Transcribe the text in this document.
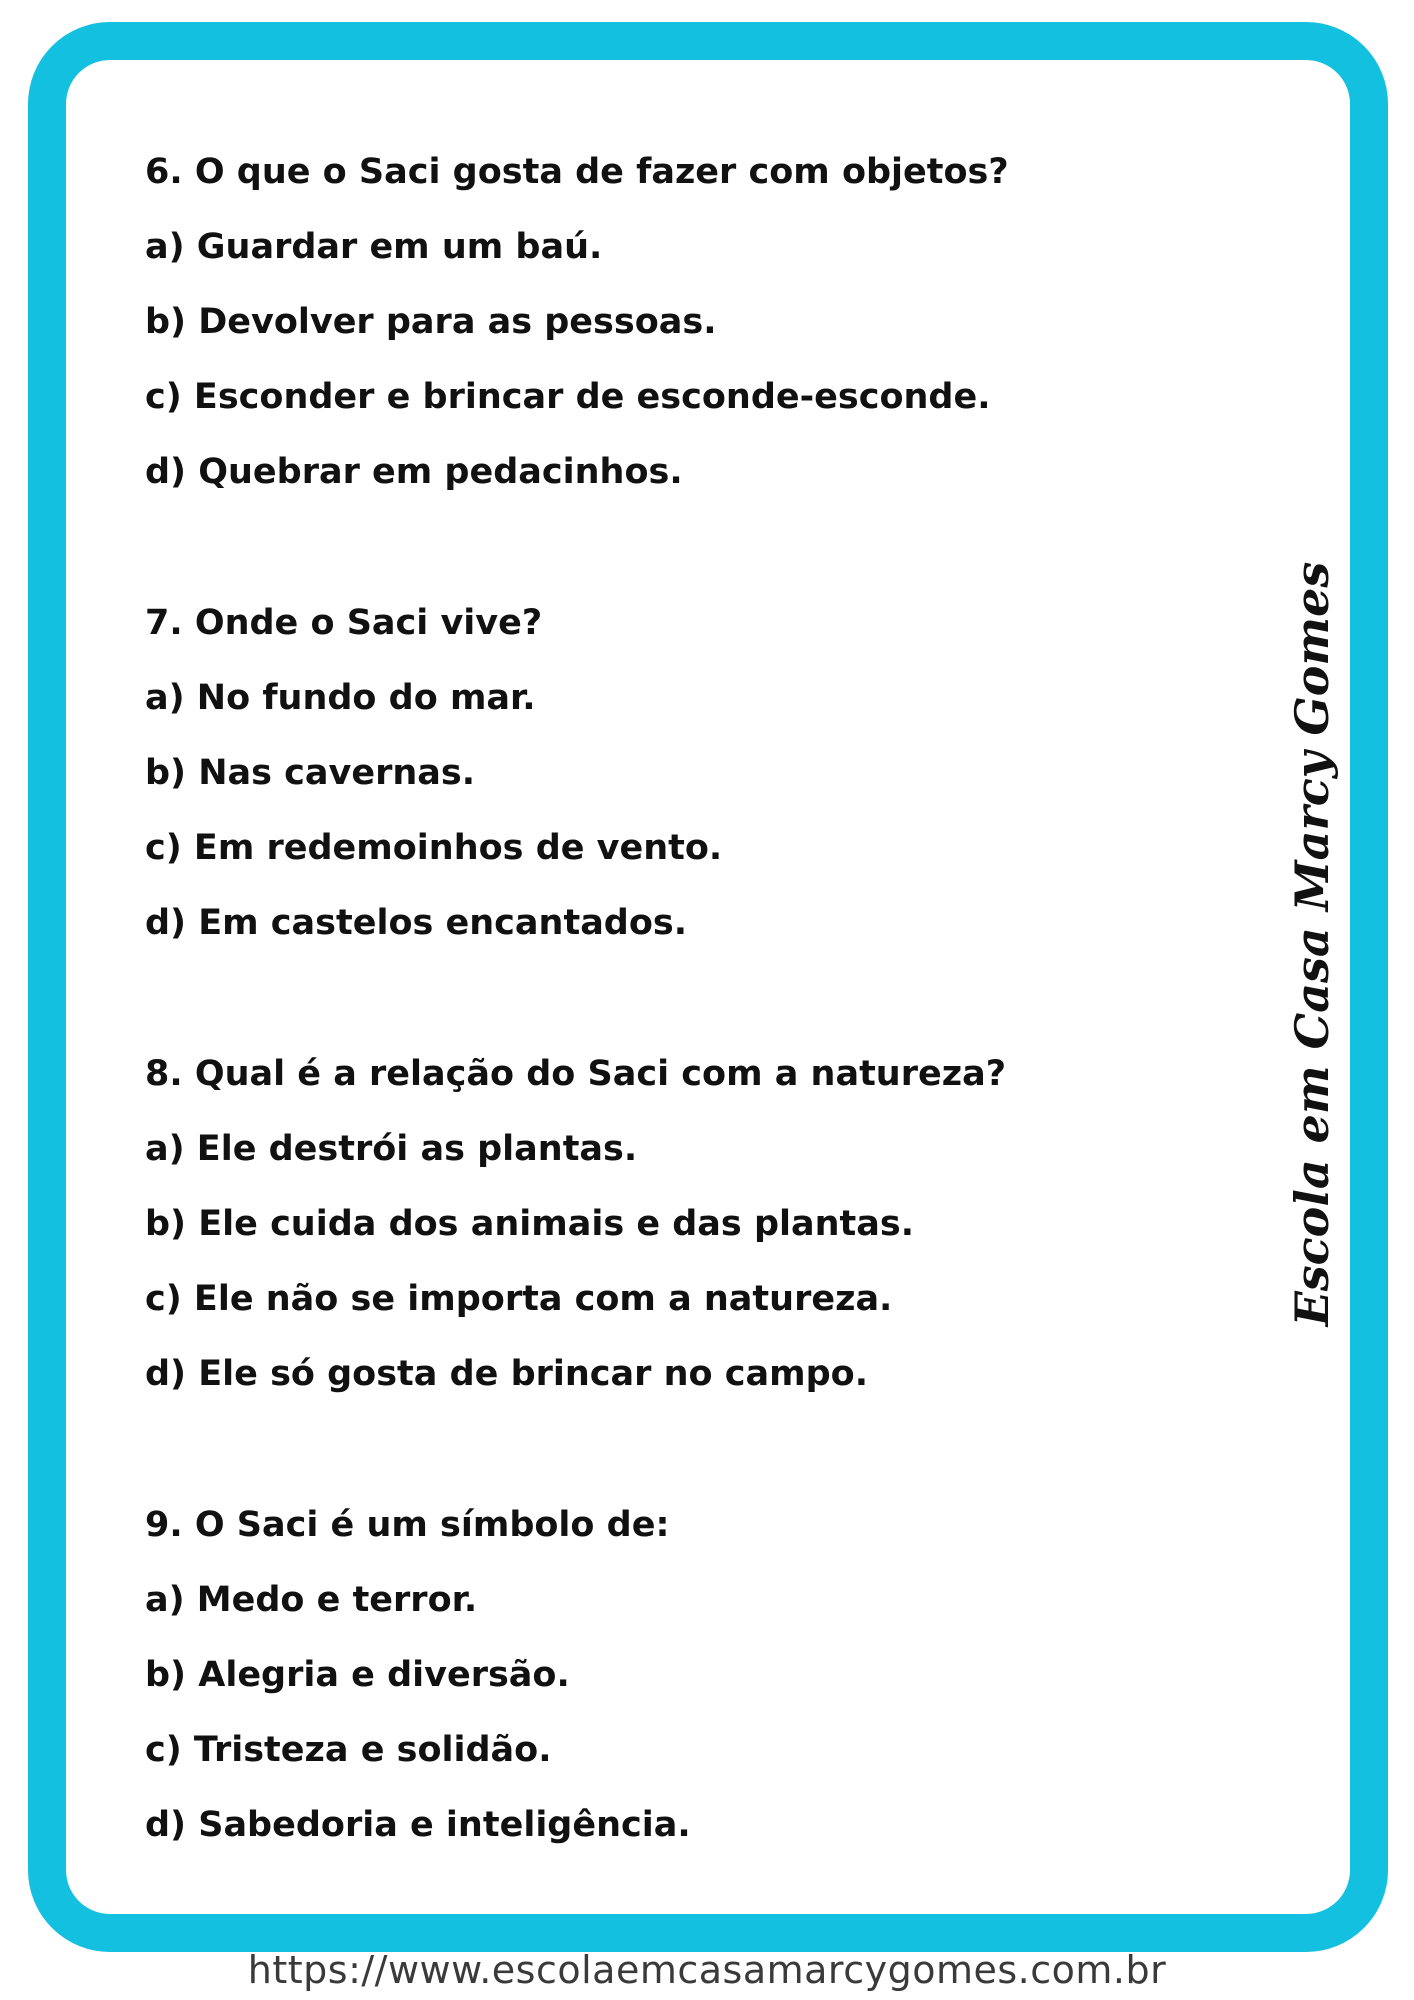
6. O que o Saci gosta de fazer com objetos?
a) Guardar em um baú.
b) Devolver para as pessoas.
c) Esconder e brincar de esconde-esconde.
d) Quebrar em pedacinhos.
7. Onde o Saci vive?
a) No fundo do mar.
b) Nas cavernas.
c) Em redemoinhos de vento.
d) Em castelos encantados.
8. Qual é a relação do Saci com a natureza?
a) Ele destrói as plantas.
b) Ele cuida dos animais e das plantas.
c) Ele não se importa com a natureza.
d) Ele só gosta de brincar no campo.
9. O Saci é um símbolo de:
a) Medo e terror.
b) Alegria e diversão.
c) Tristeza e solidão.
d) Sabedoria e inteligência.
Escola em Casa Marcy Gomes
https://www.escolaemcasamarcygomes.com.br
